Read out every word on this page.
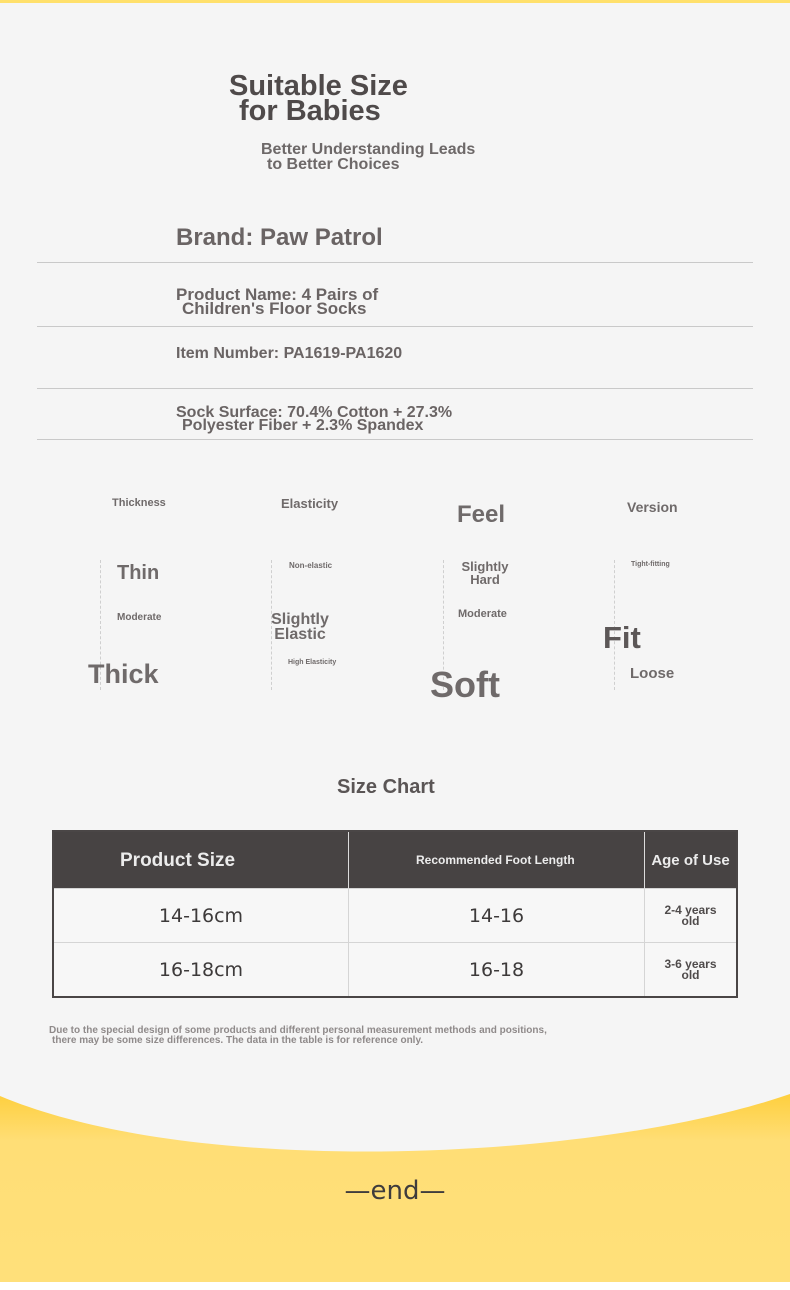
Suitable Size
for Babies
Better Understanding Leads
to Better Choices
Brand: Paw Patrol
Product Name: 4 Pairs of
Children's Floor Socks
Item Number: PA1619-PA1620
Sock Surface: 70.4% Cotton + 27.3%
Polyester Fiber + 2.3% Spandex
Thickness
Thin
Moderate
Thick
Elasticity
Non-elastic
Slightly Elastic
High Elasticity
Feel
Slightly Hard
Moderate
Soft
Version
Tight-fitting
Fit
Loose
Size Chart
Product Size	Recommended Foot Length	Age of Use
14-16cm	14-16	2-4 years old

16-18cm	16-18	3-6 years old
Due to the special design of some products and different personal measurement methods and positions,
there may be some size differences. The data in the table is for reference only.
—end—
